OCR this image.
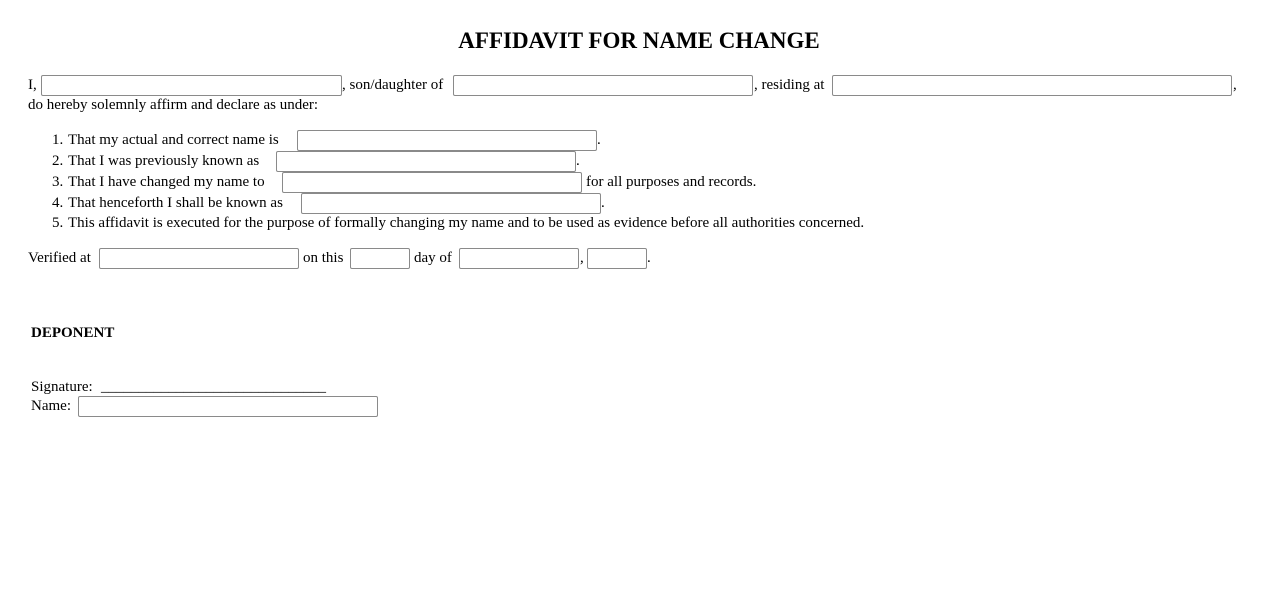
AFFIDAVIT FOR NAME CHANGE
I,	, son/daughter of	, residing at	,
do hereby solemnly affirm and declare as under:
1. That my actual and correct name is	.
2. That I was previously known as	.
3. That I have changed my name to	for all purposes and records.
4. That henceforth I shall be known as	.
5. This affidavit is executed for the purpose of formally changing my name and to be used as evidence before all authorities concerned.
Verified at	on this	day of	,	.
DEPONENT
Signature: ______________________________
Name:
